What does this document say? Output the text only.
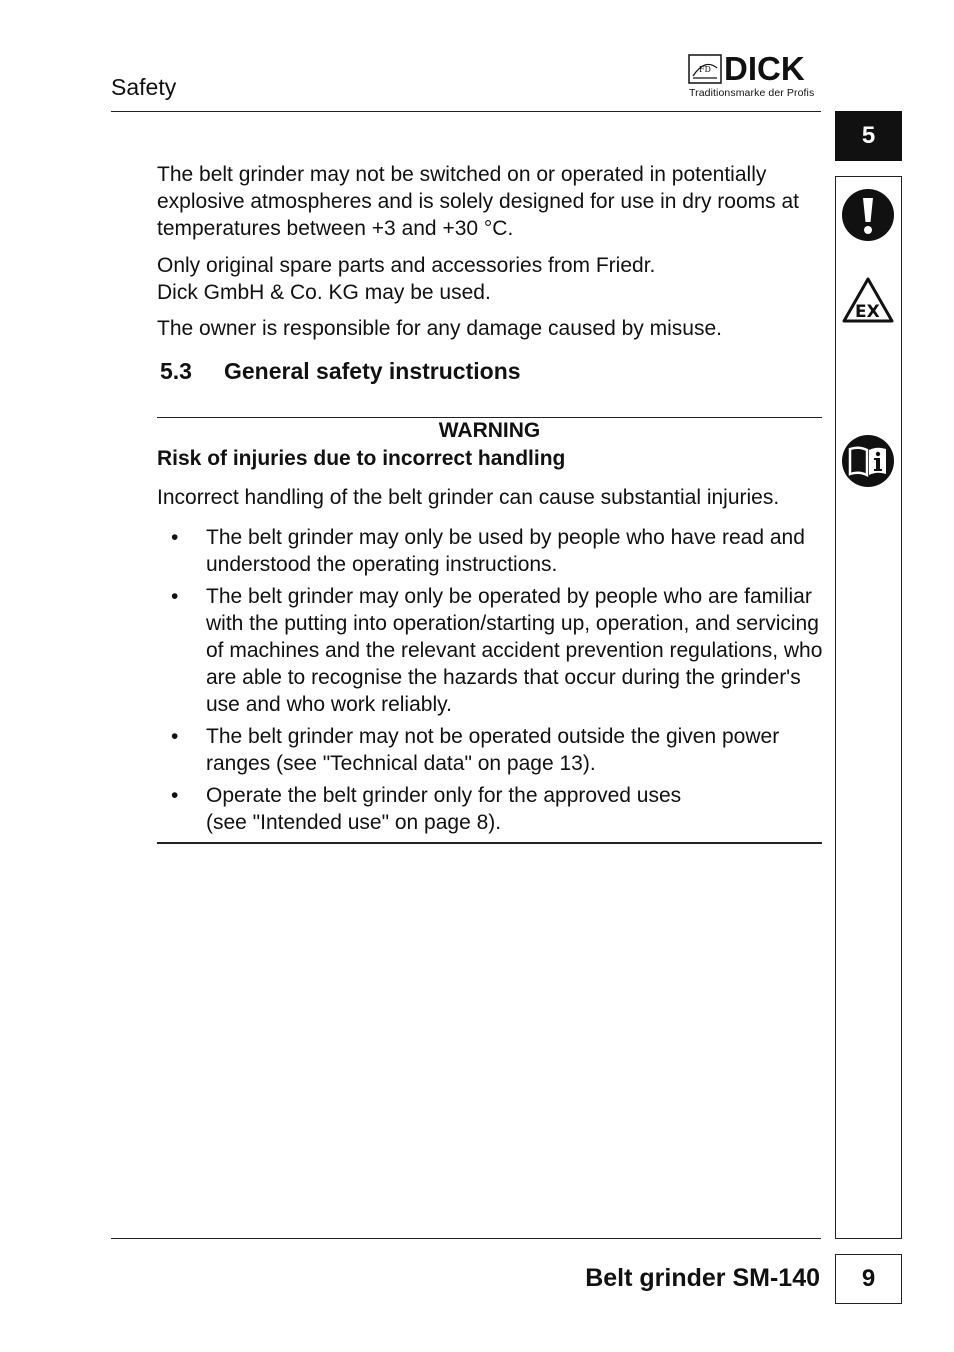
Safety
FD DICK
Traditionsmarke der Profis
5
EX

The belt grinder may not be switched on or operated in potentially explosive atmospheres and is solely designed for use in dry rooms at temperatures between +3 and +30 °C.

Only original spare parts and accessories from Friedr.
Dick GmbH & Co. KG may be used.

The owner is responsible for any damage caused by misuse.

5.3 General safety instructions
WARNING
Risk of injuries due to incorrect handling

Incorrect handling of the belt grinder can cause substantial injuries.

• The belt grinder may only be used by people who have read and understood the operating instructions.
• The belt grinder may only be operated by people who are familiar with the putting into operation/starting up, operation, and servicing of machines and the relevant accident prevention regulations, who are able to recognise the hazards that occur during the grinder's use and who work reliably.
• The belt grinder may not be operated outside the given power ranges (see "Technical data" on page 13).
• Operate the belt grinder only for the approved uses
(see "Intended use" on page 8).
Belt grinder SM-140	9
